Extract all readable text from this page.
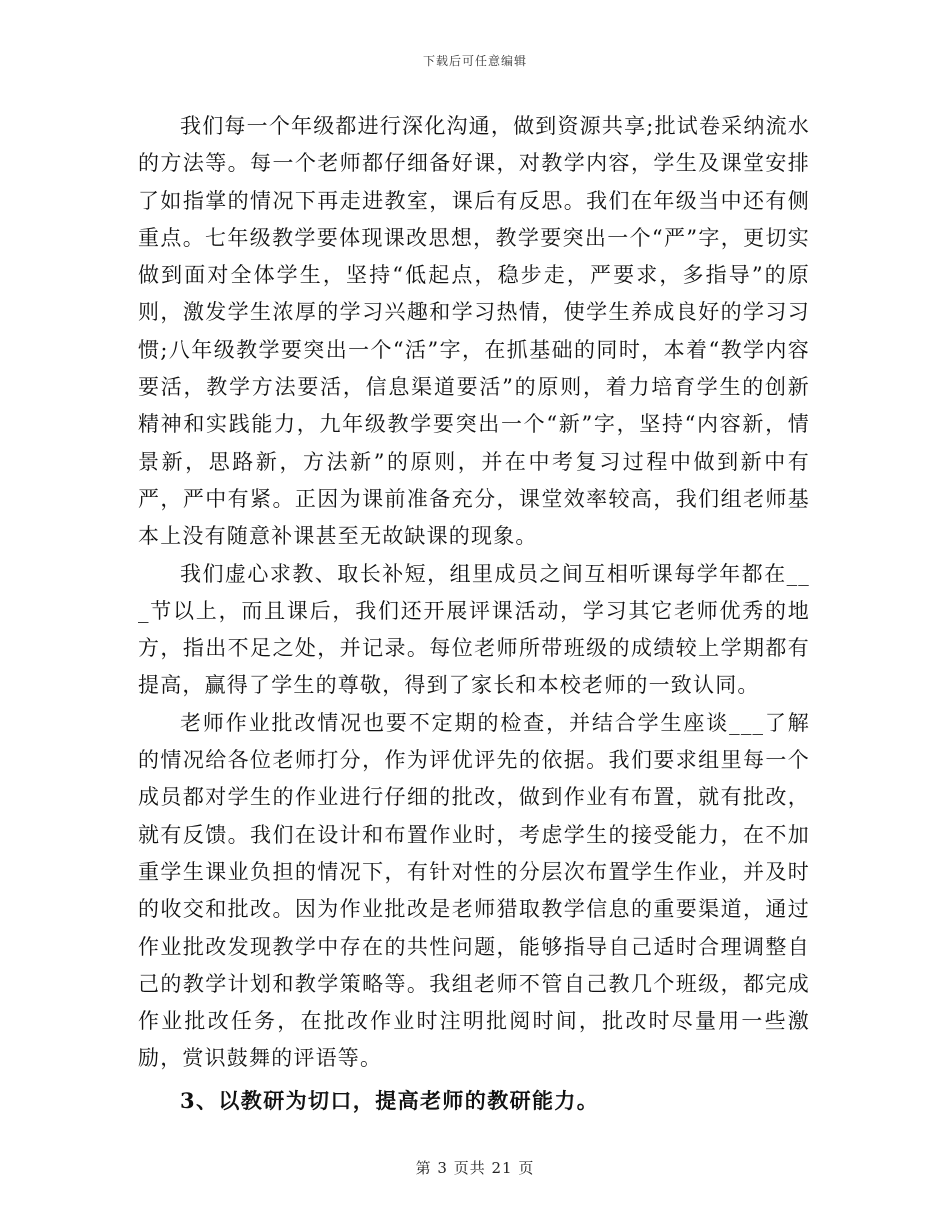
下载后可任意编辑

我们每一个年级都进行深化沟通，做到资源共享;批试卷采纳流水的方法等。每一个老师都仔细备好课，对教学内容，学生及课堂安排了如指掌的情况下再走进教室，课后有反思。我们在年级当中还有侧重点。七年级教学要体现课改思想，教学要突出一个“严”字，更切实做到面对全体学生，坚持“低起点，稳步走，严要求，多指导”的原则，激发学生浓厚的学习兴趣和学习热情，使学生养成良好的学习习惯;八年级教学要突出一个“活”字，在抓基础的同时，本着“教学内容要活，教学方法要活，信息渠道要活”的原则，着力培育学生的创新精神和实践能力，九年级教学要突出一个“新”字，坚持“内容新，情景新，思路新，方法新”的原则，并在中考复习过程中做到新中有严，严中有紧。正因为课前准备充分，课堂效率较高，我们组老师基本上没有随意补课甚至无故缺课的现象。

我们虚心求教、取长补短，组里成员之间互相听课每学年都在___节以上，而且课后，我们还开展评课活动，学习其它老师优秀的地方，指出不足之处，并记录。每位老师所带班级的成绩较上学期都有提高，赢得了学生的尊敬，得到了家长和本校老师的一致认同。

老师作业批改情况也要不定期的检查，并结合学生座谈___了解的情况给各位老师打分，作为评优评先的依据。我们要求组里每一个成员都对学生的作业进行仔细的批改，做到作业有布置，就有批改，就有反馈。我们在设计和布置作业时，考虑学生的接受能力，在不加重学生课业负担的情况下，有针对性的分层次布置学生作业，并及时的收交和批改。因为作业批改是老师猎取教学信息的重要渠道，通过作业批改发现教学中存在的共性问题，能够指导自己适时合理调整自己的教学计划和教学策略等。我组老师不管自己教几个班级，都完成作业批改任务，在批改作业时注明批阅时间，批改时尽量用一些激励，赏识鼓舞的评语等。

3、以教研为切口，提高老师的教研能力。

第 3 页共 21 页
